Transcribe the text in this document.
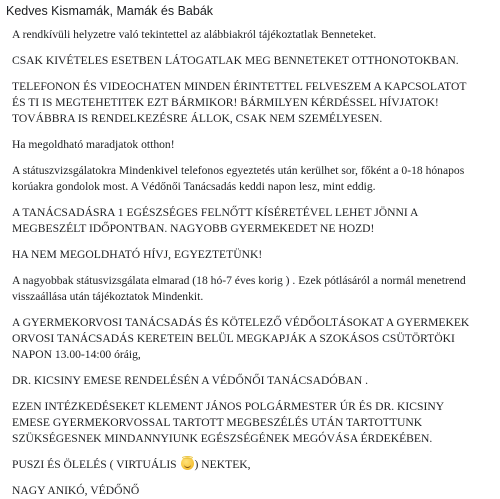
Kedves Kismamák, Mamák és Babák

A rendkívüli helyzetre való tekintettel az alábbiakról tájékoztatlak Benneteket.

CSAK KIVÉTELES ESETBEN LÁTOGATLAK MEG BENNETEKET OTTHONOTOKBAN.

TELEFONON ÉS VIDEOCHATEN MINDEN ÉRINTETTEL FELVESZEM A KAPCSOLATOT
ÉS TI IS MEGTEHETITEK EZT BÁRMIKOR! BÁRMILYEN KÉRDÉSSEL HÍVJATOK!
TOVÁBBRA IS RENDELKEZÉSRE ÁLLOK, CSAK NEM SZEMÉLYESEN.

Ha megoldható maradjatok otthon!

A státuszvizsgálatokra Mindenkivel telefonos egyeztetés után kerülhet sor, főként a 0-18 hónapos
korúakra gondolok most. A Védőnői Tanácsadás keddi napon lesz, mint eddig.

A TANÁCSADÁSRA 1 EGÉSZSÉGES FELNŐTT KÍSÉRETÉVEL LEHET JÖNNI A
MEGBESZÉLT IDŐPONTBAN. NAGYOBB GYERMEKEDET NE HOZD!

HA NEM MEGOLDHATÓ HÍVJ, EGYEZTETÜNK!

A nagyobbak státusvizsgálata elmarad (18 hó-7 éves korig ) . Ezek pótlásáról a normál menetrend
visszaállása után tájékoztatok Mindenkit.

A GYERMEKORVOSI TANÁCSADÁS ÉS KÖTELEZŐ VÉDŐOLTÁSOKAT A GYERMEKEK
ORVOSI TANÁCSADÁS KERETEIN BELÜL MEGKAPJÁK A SZOKÁSOS CSÜTÖRTÖKI
NAPON 13.00-14:00 óráig,

DR. KICSINY EMESE RENDELÉSÉN A VÉDŐNŐI TANÁCSADÓBAN .

EZEN INTÉZKEDÉSEKET KLEMENT JÁNOS POLGÁRMESTER ÚR ÉS DR. KICSINY
EMESE GYERMEKORVOSSAL TARTOTT MEGBESZÉLÉS UTÁN TARTOTTUNK
SZÜKSÉGESNEK MINDANNYIUNK EGÉSZSÉGÉNEK MEGÓVÁSA ÉRDEKÉBEN.

PUSZI ÉS ÖLELÉS ( VIRTUÁLIS ) NEKTEK,

NAGY ANIKÓ, VÉDŐNŐ
